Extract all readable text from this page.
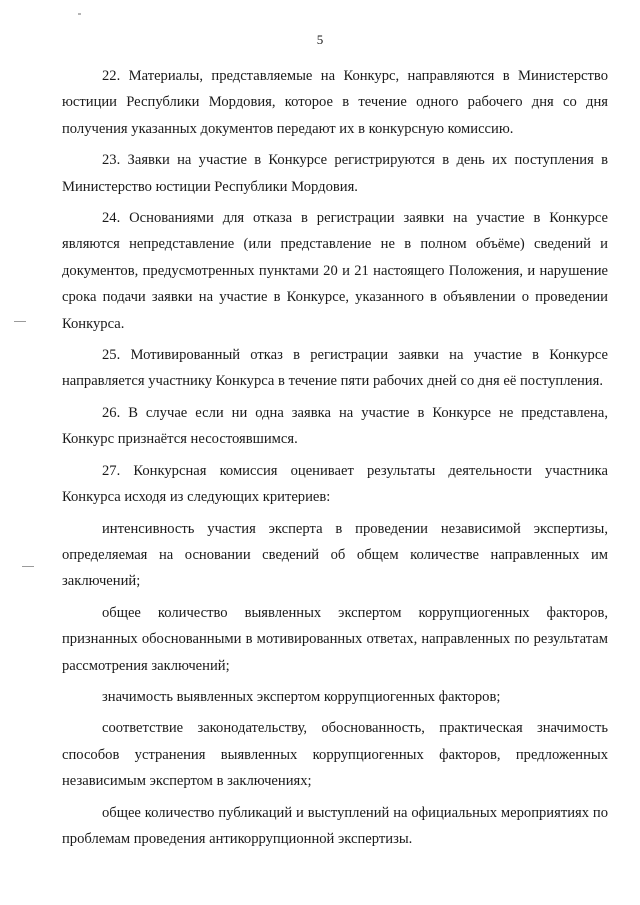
5

22. Материалы, представляемые на Конкурс, направляются в Министерство юстиции Республики Мордовия, которое в течение одного рабочего дня со дня получения указанных документов передают их в конкурсную комиссию.

23. Заявки на участие в Конкурсе регистрируются в день их поступления в Министерство юстиции Республики Мордовия.

24. Основаниями для отказа в регистрации заявки на участие в Конкурсе являются непредставление (или представление не в полном объёме) сведений и документов, предусмотренных пунктами 20 и 21 настоящего Положения, и нарушение срока подачи заявки на участие в Конкурсе, указанного в объявлении о проведении Конкурса.

25. Мотивированный отказ в регистрации заявки на участие в Конкурсе направляется участнику Конкурса в течение пяти рабочих дней со дня её поступления.

26. В случае если ни одна заявка на участие в Конкурсе не представлена, Конкурс признаётся несостоявшимся.

27. Конкурсная комиссия оценивает результаты деятельности участника Конкурса исходя из следующих критериев:

интенсивность участия эксперта в проведении независимой экспертизы, определяемая на основании сведений об общем количестве направленных им заключений;

общее количество выявленных экспертом коррупциогенных факторов, признанных обоснованными в мотивированных ответах, направленных по результатам рассмотрения заключений;

значимость выявленных экспертом коррупциогенных факторов;

соответствие законодательству, обоснованность, практическая значимость способов устранения выявленных коррупциогенных факторов, предложенных независимым экспертом в заключениях;

общее количество публикаций и выступлений на официальных мероприятиях по проблемам проведения антикоррупционной экспертизы.
